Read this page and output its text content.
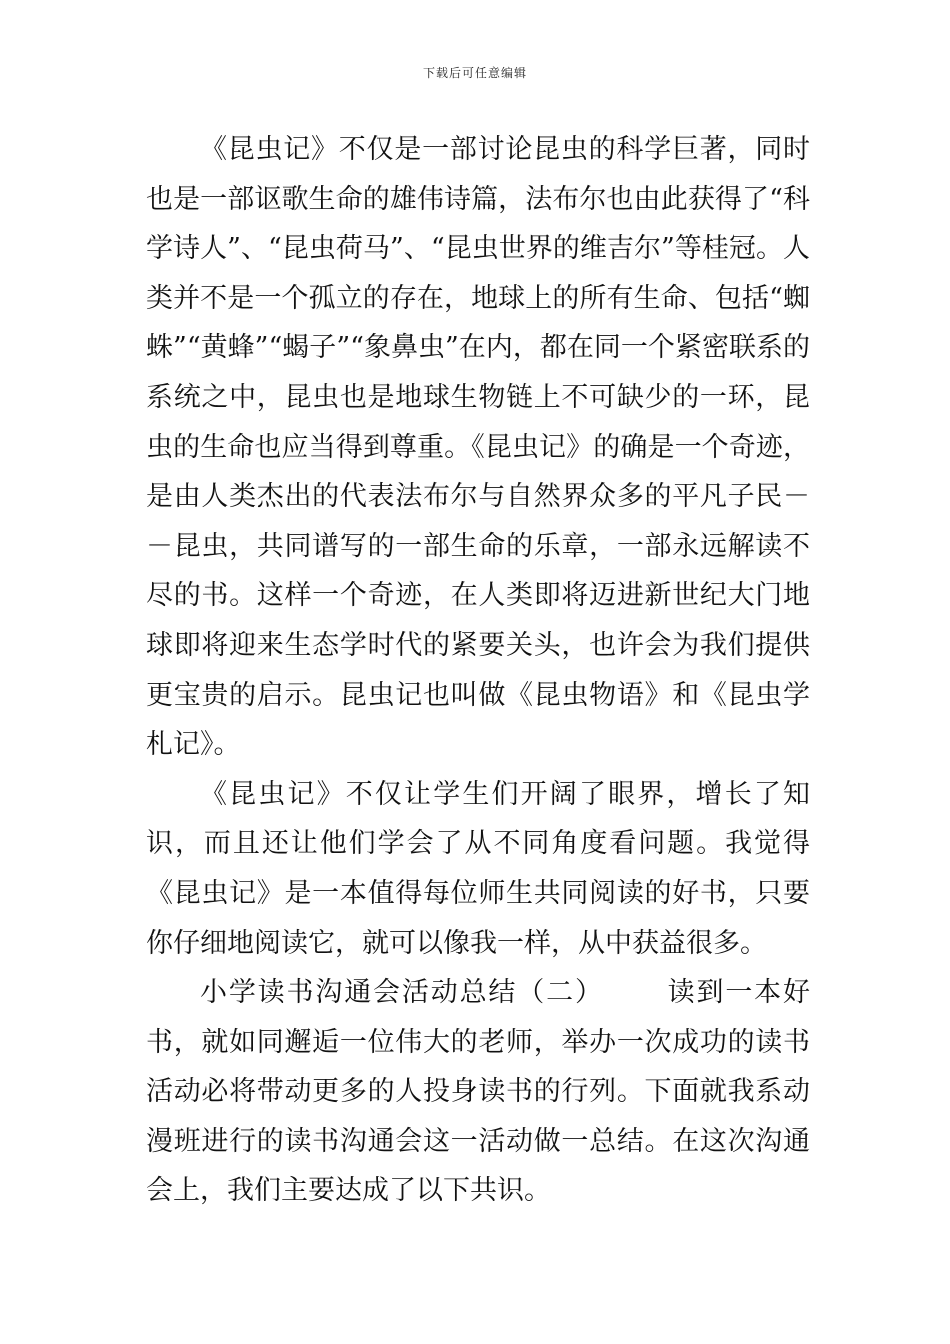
下载后可任意编辑

《昆虫记》不仅是一部讨论昆虫的科学巨著，同时也是一部讴歌生命的雄伟诗篇，法布尔也由此获得了“科学诗人”、“昆虫荷马”、“昆虫世界的维吉尔”等桂冠。人类并不是一个孤立的存在，地球上的所有生命、包括“蜘蛛”“黄蜂”“蝎子”“象鼻虫”在内，都在同一个紧密联系的系统之中，昆虫也是地球生物链上不可缺少的一环，昆虫的生命也应当得到尊重。《昆虫记》的确是一个奇迹，是由人类杰出的代表法布尔与自然界众多的平凡子民－－昆虫，共同谱写的一部生命的乐章，一部永远解读不尽的书。这样一个奇迹，在人类即将迈进新世纪大门地球即将迎来生态学时代的紧要关头，也许会为我们提供更宝贵的启示。昆虫记也叫做《昆虫物语》和《昆虫学札记》。

《昆虫记》不仅让学生们开阔了眼界，增长了知识，而且还让他们学会了从不同角度看问题。我觉得《昆虫记》是一本值得每位师生共同阅读的好书，只要你仔细地阅读它，就可以像我一样，从中获益很多。

小学读书沟通会活动总结（二） 读到一本好书，就如同邂逅一位伟大的老师，举办一次成功的读书活动必将带动更多的人投身读书的行列。下面就我系动漫班进行的读书沟通会这一活动做一总结。在这次沟通会上，我们主要达成了以下共识。
